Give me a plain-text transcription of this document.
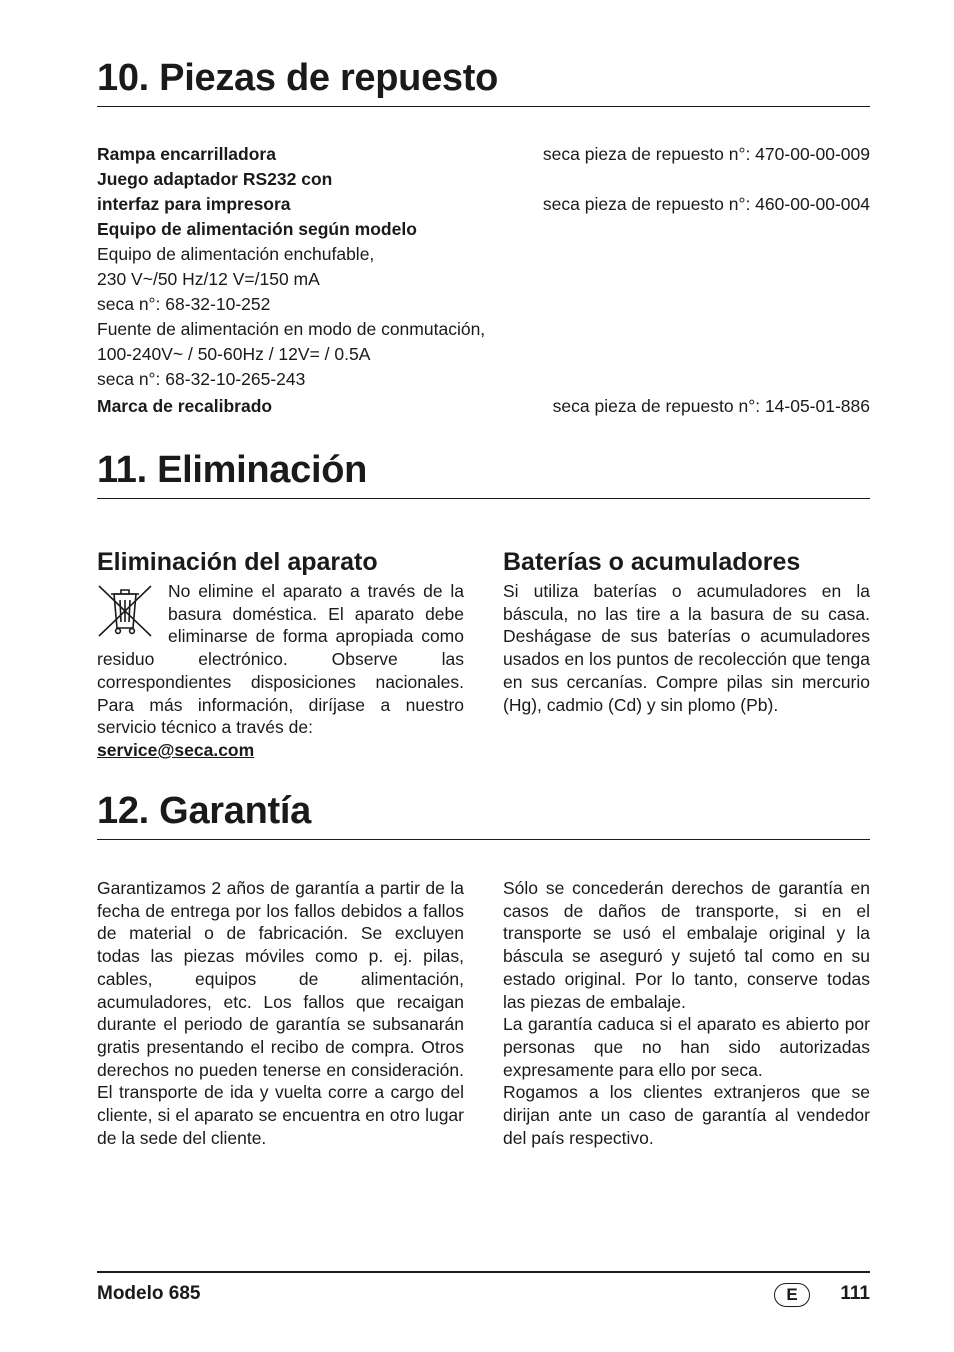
10. Piezas de repuesto
Rampa encarrilladora	seca pieza de repuesto n°: 470-00-00-009
Juego adaptador RS232 con
interfaz para impresora	seca pieza de repuesto n°: 460-00-00-004
Equipo de alimentación según modelo
Equipo de alimentación enchufable,
230 V~/50 Hz/12 V=/150 mA
seca n°: 68-32-10-252
Fuente de alimentación en modo de conmutación,
100-240V~ / 50-60Hz / 12V= / 0.5A
seca n°: 68-32-10-265-243
Marca de recalibrado	seca pieza de repuesto n°: 14-05-01-886
11. Eliminación
Eliminación del aparato
No elimine el aparato a través de la basura doméstica. El aparato debe eliminarse de forma apropiada como residuo electrónico. Observe las correspondientes disposiciones nacionales. Para más información, diríjase a nuestro servicio técnico a través de:
service@seca.com
Baterías o acumuladores
Si utiliza baterías o acumuladores en la báscula, no las tire a la basura de su casa. Deshágase de sus baterías o acumuladores usados en los puntos de recolección que tenga en sus cercanías. Compre pilas sin mercurio (Hg), cadmio (Cd) y sin plomo (Pb).
12. Garantía
Garantizamos 2 años de garantía a partir de la fecha de entrega por los fallos debidos a fallos de material o de fabricación. Se excluyen todas las piezas móviles como p. ej. pilas, cables, equipos de alimentación, acumuladores, etc. Los fallos que recaigan durante el periodo de garantía se subsanarán gratis presentando el recibo de compra. Otros derechos no pueden tenerse en consideración. El transporte de ida y vuelta corre a cargo del cliente, si el aparato se encuentra en otro lugar de la sede del cliente.
Sólo se concederán derechos de garantía en casos de daños de transporte, si en el transporte se usó el embalaje original y la báscula se aseguró y sujetó tal como en su estado original. Por lo tanto, conserve todas las piezas de embalaje.
La garantía caduca si el aparato es abierto por personas que no han sido autorizadas expresamente para ello por seca.
Rogamos a los clientes extranjeros que se dirijan ante un caso de garantía al vendedor del país respectivo.
Modelo 685	E	111
